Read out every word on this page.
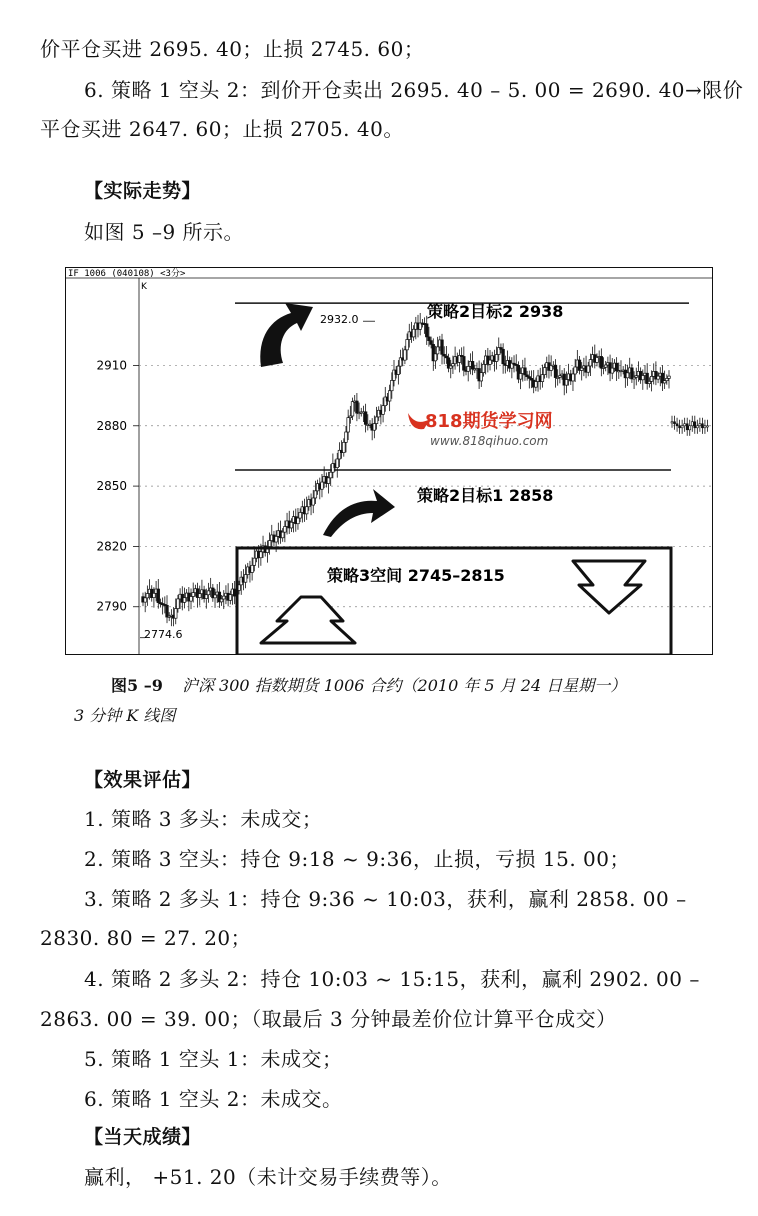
价平仓买进 2695. 40；止损 2745. 60；
6. 策略 1 空头 2：到价开仓卖出 2695. 40 – 5. 00 = 2690. 40→限价
平仓买进 2647. 60；止损 2705. 40。
【实际走势】
如图 5 –9 所示。
IF 1006 (040108) <3分>
K
2790
2820
2850
2880
2910
818期货学习网
www.818qihuo.com
策略2目标2 2938
策略2目标1 2858
策略3空间 2745–2815
2932.0
2774.6
图5 –9 沪深 300 指数期货 1006 合约（2010 年 5 月 24 日星期一）
3 分钟 K 线图
【效果评估】
1. 策略 3 多头：未成交；
2. 策略 3 空头：持仓 9:18 ~ 9:36，止损，亏损 15. 00；
3. 策略 2 多头 1：持仓 9:36 ~ 10:03，获利，赢利 2858. 00 –
2830. 80 = 27. 20；
4. 策略 2 多头 2：持仓 10:03 ~ 15:15，获利，赢利 2902. 00 –
2863. 00 = 39. 00；（取最后 3 分钟最差价位计算平仓成交）
5. 策略 1 空头 1：未成交；
6. 策略 1 空头 2：未成交。
【当天成绩】
赢利， +51. 20（未计交易手续费等）。
